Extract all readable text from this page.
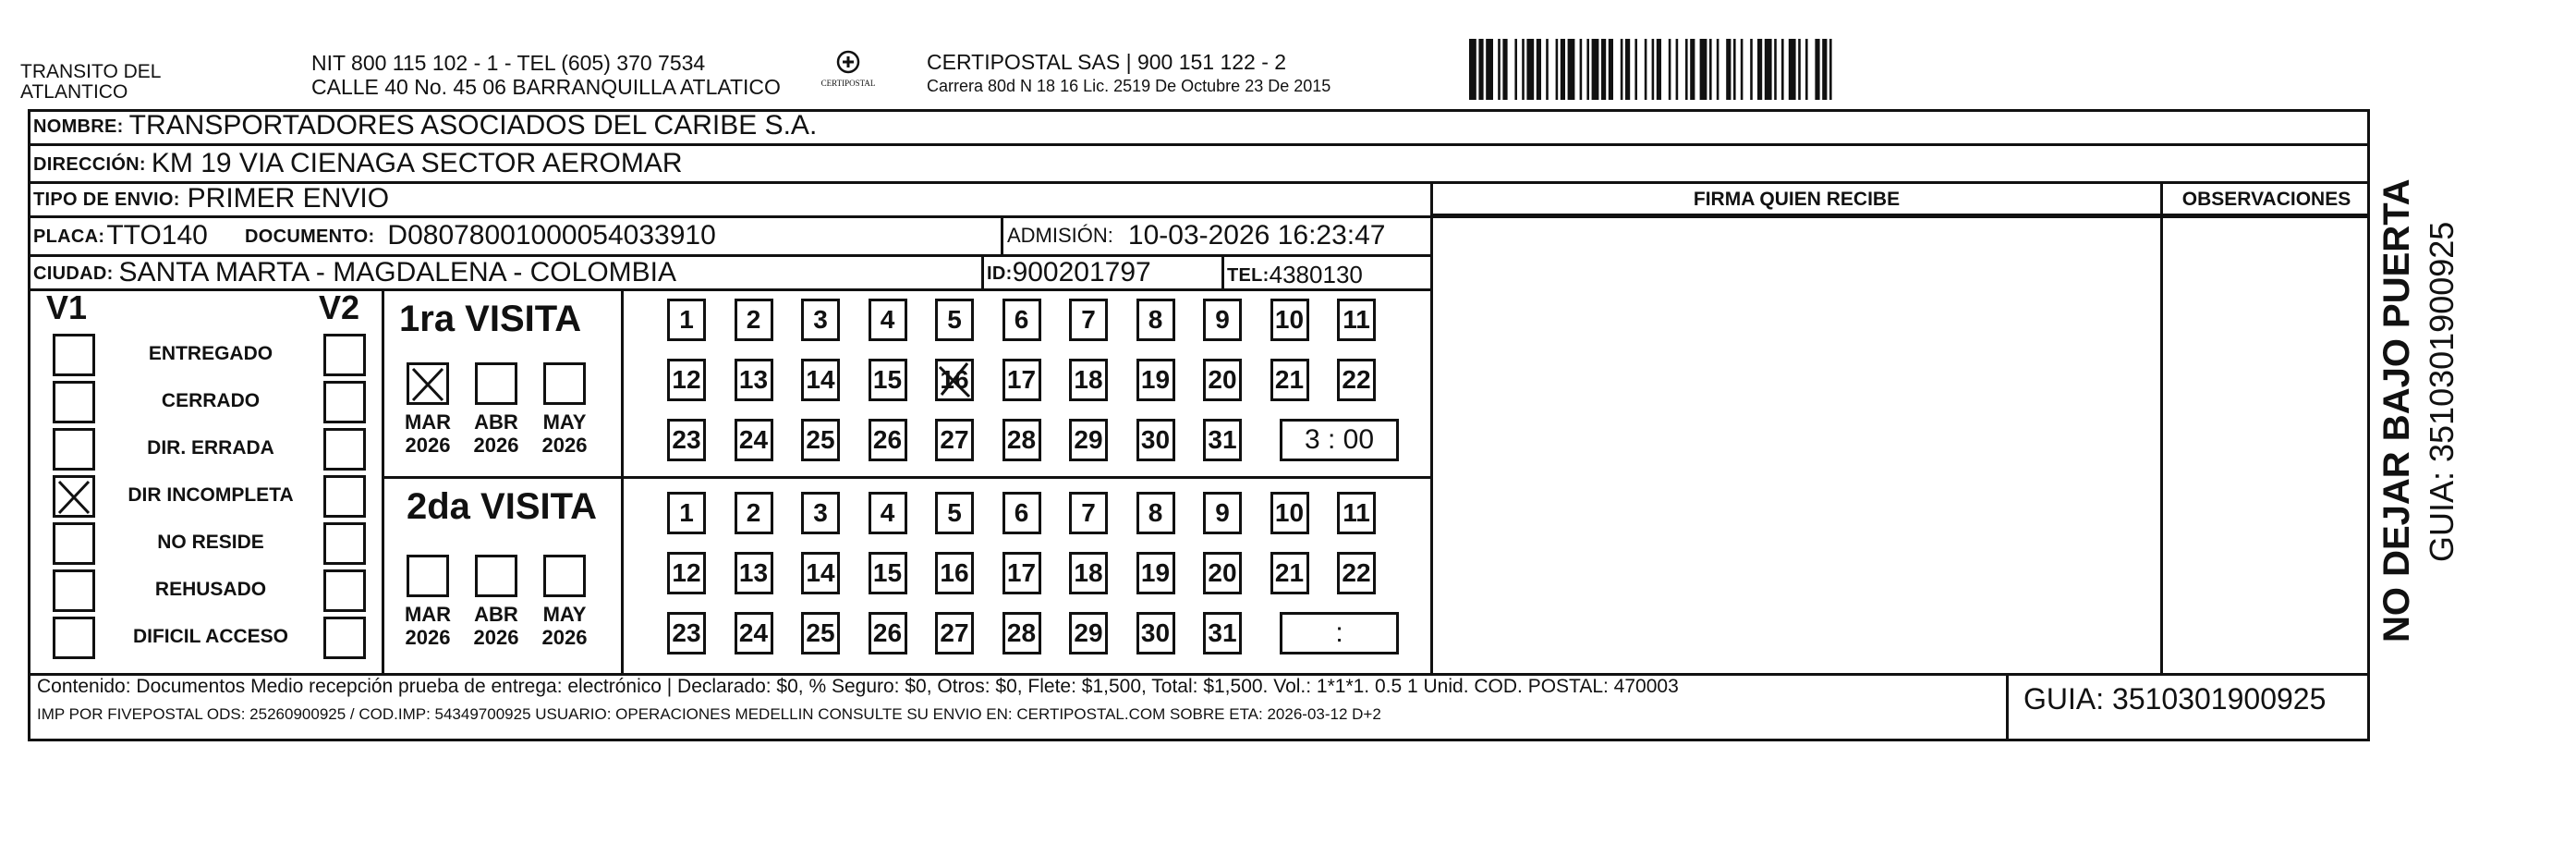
TRANSITO DEL
ATLANTICO
NIT 800 115 102 - 1 - TEL (605) 370 7534
CALLE 40 No. 45 06 BARRANQUILLA ATLATICO	CERTIPOSTAL
CERTIPOSTAL SAS | 900 151 122 - 2
Carrera 80d N 18 16 Lic. 2519 De Octubre 23 De 2015
NOMBRE: TRANSPORTADORES ASOCIADOS DEL CARIBE S.A.
DIRECCIÓN: KM 19 VIA CIENAGA SECTOR AEROMAR
TIPO DE ENVIO: PRIMER ENVIO
PLACA:TTO140 DOCUMENTO: D08078001000054033910	ADMISIÓN: 10-03-2026 16:23:47
CIUDAD: SANTA MARTA - MAGDALENA - COLOMBIA	ID:900201797	TEL:4380130
FIRMA QUIEN RECIBE	OBSERVACIONES
V1	V2
ENTREGADO
CERRADO
DIR. ERRADA
DIR INCOMPLETA
NO RESIDE
REHUSADO
DIFICIL ACCESO
1ra VISITA
MAR
2026
ABR
2026
MAY
2026
1	2	3	4	5	6	7	8	9	10 11
12 13 14 15 16 17 18 19 20 21 22
23 24 25 26 27 28 29 30 31	3 : 00
2da VISITA
MAR
2026
ABR
2026
MAY
2026
1	2	3	4	5	6	7	8	9	10 11
12 13 14 15 16 17 18 19 20 21 22
23 24 25 26 27 28 29 30 31	:
Contenido: Documentos Medio recepción prueba de entrega: electrónico | Declarado: $0, % Seguro: $0, Otros: $0, Flete: $1,500, Total: $1,500. Vol.: 1*1*1. 0.5 1 Unid. COD. POSTAL: 470003
IMP POR FIVEPOSTAL ODS: 25260900925 / COD.IMP: 54349700925 USUARIO: OPERACIONES MEDELLIN CONSULTE SU ENVIO EN: CERTIPOSTAL.COM SOBRE ETA: 2026-03-12 D+2	GUIA: 3510301900925
NO DEJAR BAJO PUERTA GUIA: 3510301900925
